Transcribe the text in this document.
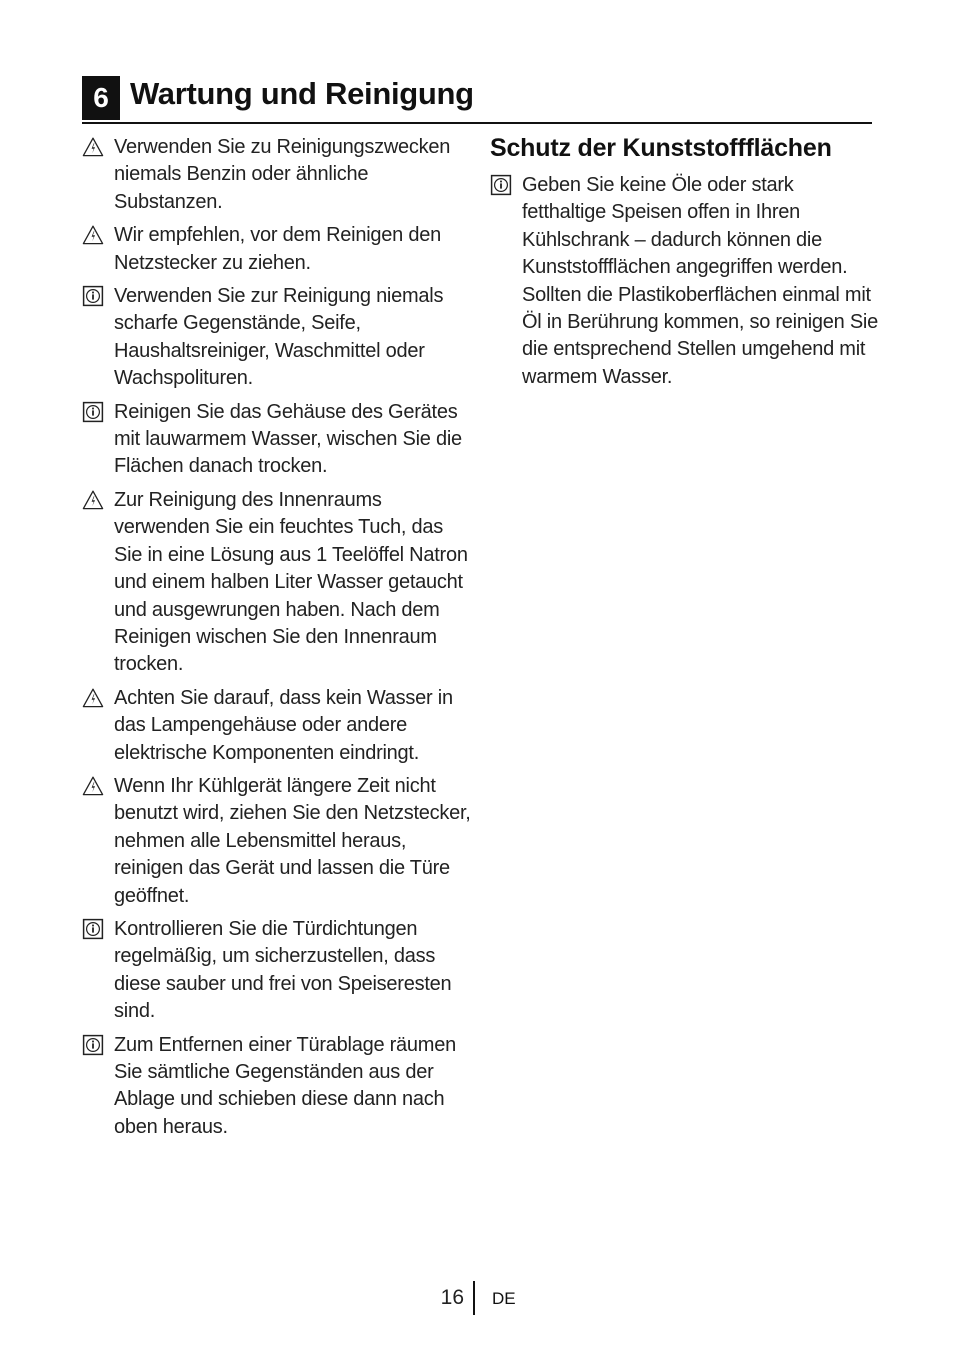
6 Wartung und Reinigung
Verwenden Sie zu Reinigungszwecken niemals Benzin oder ähnliche Substanzen.
Wir empfehlen, vor dem Reinigen den Netzstecker zu ziehen.
Verwenden Sie zur Reinigung niemals scharfe Gegenstände, Seife, Haushaltsreiniger, Waschmittel oder Wachspolituren.
Reinigen Sie das Gehäuse des Gerätes mit lauwarmem Wasser, wischen Sie die Flächen danach trocken.
Zur Reinigung des Innenraums verwenden Sie ein feuchtes Tuch, das Sie in eine Lösung aus 1 Teelöffel Natron und einem halben Liter Wasser getaucht und ausgewrungen haben. Nach dem Reinigen wischen Sie den Innenraum trocken.
Achten Sie darauf, dass kein Wasser in das Lampengehäuse oder andere elektrische Komponenten eindringt.
Wenn Ihr Kühlgerät längere Zeit nicht benutzt wird, ziehen Sie den Netzstecker, nehmen alle Lebensmittel heraus, reinigen das Gerät und lassen die Türe geöffnet.
Kontrollieren Sie die Türdichtungen regelmäßig, um sicherzustellen, dass diese sauber und frei von Speiseresten sind.
Zum Entfernen einer Türablage räumen Sie sämtliche Gegenständen aus der Ablage und schieben diese dann nach oben heraus.
Schutz der Kunststoffflächen
Geben Sie keine Öle oder stark fetthaltige Speisen offen in Ihren Kühlschrank – dadurch können die Kunststoffflächen angegriffen werden. Sollten die Plastikoberflächen einmal mit Öl in Berührung kommen, so reinigen Sie die entsprechend Stellen umgehend mit warmem Wasser.
16 DE
